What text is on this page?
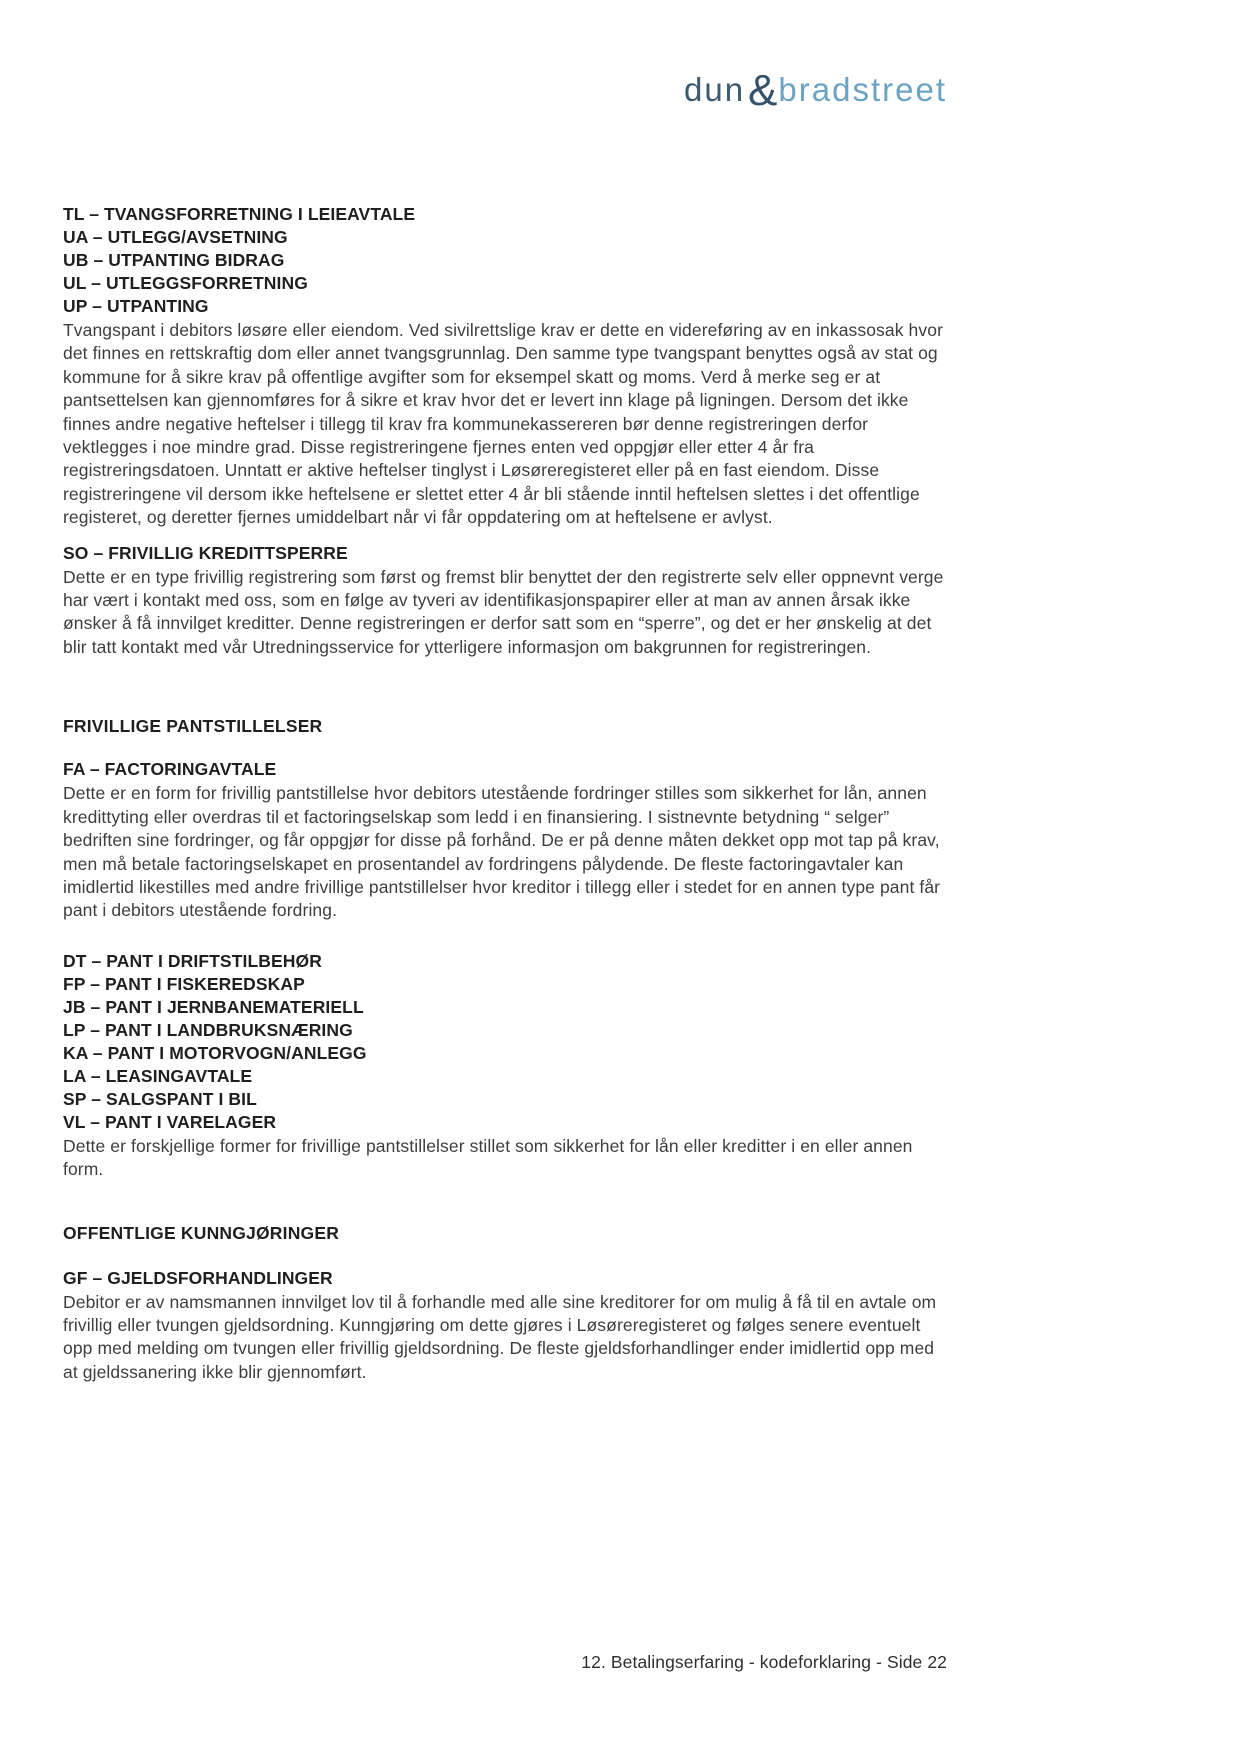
dun&bradstreet
TL – TVANGSFORRETNING I LEIEAVTALE
UA – UTLEGG/AVSETNING
UB – UTPANTING BIDRAG
UL – UTLEGGSFORRETNING
UP – UTPANTING

Tvangspant i debitors løsøre eller eiendom. Ved sivilrettslige krav er dette en videreføring av en inkassosak hvor det finnes en rettskraftig dom eller annet tvangsgrunnlag. Den samme type tvangspant benyttes også av stat og kommune for å sikre krav på offentlige avgifter som for eksempel skatt og moms. Verd å merke seg er at pantsettelsen kan gjennomføres for å sikre et krav hvor det er levert inn klage på ligningen. Dersom det ikke finnes andre negative heftelser i tillegg til krav fra kommunekassereren bør denne registreringen derfor vektlegges i noe mindre grad. Disse registreringene fjernes enten ved oppgjør eller etter 4 år fra registreringsdatoen. Unntatt er aktive heftelser tinglyst i Løsøreregisteret eller på en fast eiendom. Disse registreringene vil dersom ikke heftelsene er slettet etter 4 år bli stående inntil heftelsen slettes i det offentlige registeret, og deretter fjernes umiddelbart når vi får oppdatering om at heftelsene er avlyst.

SO – FRIVILLIG KREDITTSPERRE

Dette er en type frivillig registrering som først og fremst blir benyttet der den registrerte selv eller oppnevnt verge har vært i kontakt med oss, som en følge av tyveri av identifikasjonspapirer eller at man av annen årsak ikke ønsker å få innvilget kreditter. Denne registreringen er derfor satt som en “sperre”, og det er her ønskelig at det blir tatt kontakt med vår Utredningsservice for ytterligere informasjon om bakgrunnen for registreringen.

FRIVILLIGE PANTSTILLELSER
FA – FACTORINGAVTALE

Dette er en form for frivillig pantstillelse hvor debitors utestående fordringer stilles som sikkerhet for lån, annen kredittyting eller overdras til et factoringselskap som ledd i en finansiering. I sistnevnte betydning “ selger” bedriften sine fordringer, og får oppgjør for disse på forhånd. De er på denne måten dekket opp mot tap på krav, men må betale factoringselskapet en prosentandel av fordringens pålydende. De fleste factoringavtaler kan imidlertid likestilles med andre frivillige pantstillelser hvor kreditor i tillegg eller i stedet for en annen type pant får pant i debitors utestående fordring.

DT – PANT I DRIFTSTILBEHØR
FP – PANT I FISKEREDSKAP
JB – PANT I JERNBANEMATERIELL
LP – PANT I LANDBRUKSNÆRING
KA – PANT I MOTORVOGN/ANLEGG
LA – LEASINGAVTALE
SP – SALGSPANT I BIL
VL – PANT I VARELAGER

Dette er forskjellige former for frivillige pantstillelser stillet som sikkerhet for lån eller kreditter i en eller annen form.

OFFENTLIGE KUNNGJØRINGER
GF – GJELDSFORHANDLINGER

Debitor er av namsmannen innvilget lov til å forhandle med alle sine kreditorer for om mulig å få til en avtale om frivillig eller tvungen gjeldsordning. Kunngjøring om dette gjøres i Løsøreregisteret og følges senere eventuelt opp med melding om tvungen eller frivillig gjeldsordning. De fleste gjeldsforhandlinger ender imidlertid opp med at gjeldssanering ikke blir gjennomført.

12. Betalingserfaring - kodeforklaring - Side 22
